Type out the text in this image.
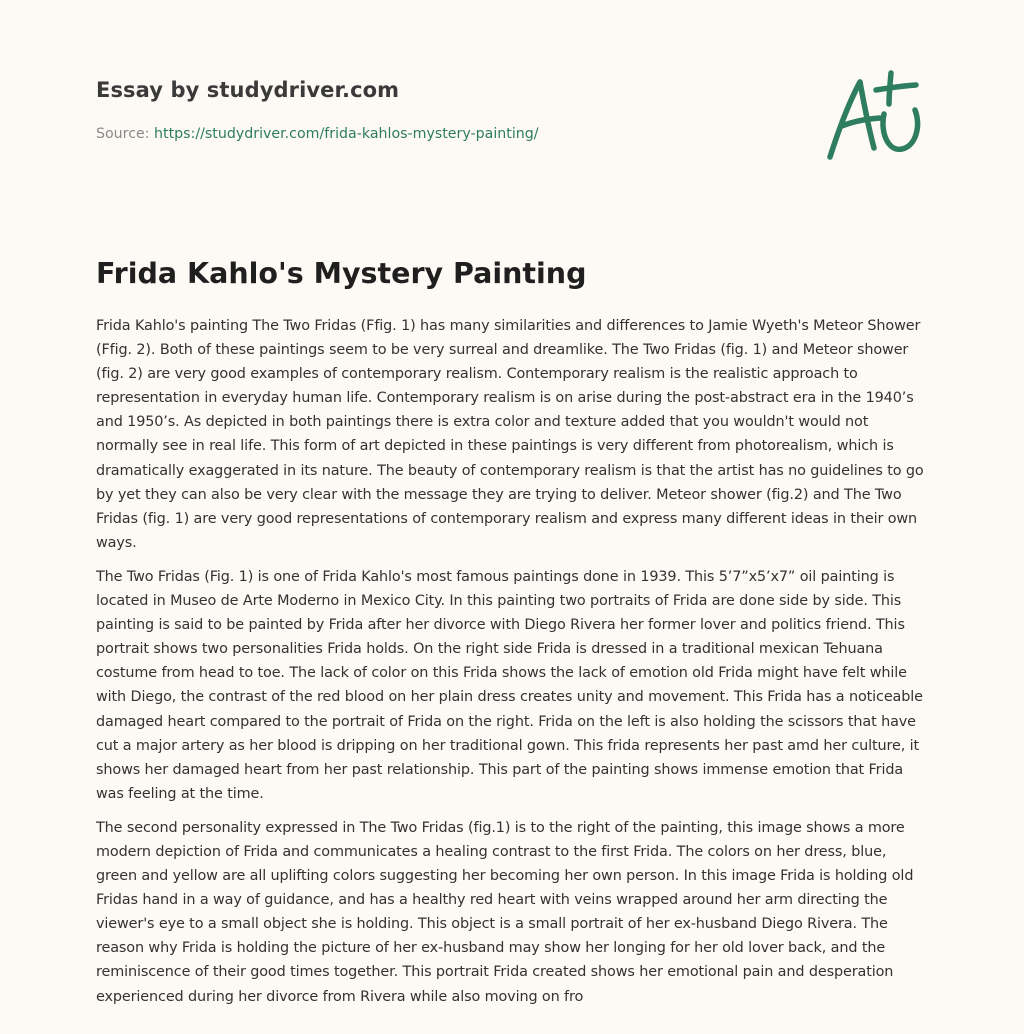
Essay by studydriver.com
Source: https://studydriver.com/frida-kahlos-mystery-painting/
Frida Kahlo's Mystery Painting

Frida Kahlo's painting The Two Fridas (Ffig. 1) has many similarities and differences to Jamie Wyeth's Meteor Shower (Ffig. 2). Both of these paintings seem to be very surreal and dreamlike. The Two Fridas (fig. 1) and Meteor shower (fig. 2) are very good examples of contemporary realism. Contemporary realism is the realistic approach to representation in everyday human life. Contemporary realism is on arise during the post-abstract era in the 1940’s and 1950’s. As depicted in both paintings there is extra color and texture added that you wouldn't would not normally see in real life. This form of art depicted in these paintings is very different from photorealism, which is dramatically exaggerated in its nature. The beauty of contemporary realism is that the artist has no guidelines to go by yet they can also be very clear with the message they are trying to deliver. Meteor shower (fig.2) and The Two Fridas (fig. 1) are very good representations of contemporary realism and express many different ideas in their own ways.

The Two Fridas (Fig. 1) is one of Frida Kahlo's most famous paintings done in 1939. This 5’7”x5’x7” oil painting is located in Museo de Arte Moderno in Mexico City. In this painting two portraits of Frida are done side by side. This painting is said to be painted by Frida after her divorce with Diego Rivera her former lover and politics friend. This portrait shows two personalities Frida holds. On the right side Frida is dressed in a traditional mexican Tehuana costume from head to toe. The lack of color on this Frida shows the lack of emotion old Frida might have felt while with Diego, the contrast of the red blood on her plain dress creates unity and movement. This Frida has a noticeable damaged heart compared to the portrait of Frida on the right. Frida on the left is also holding the scissors that have cut a major artery as her blood is dripping on her traditional gown. This frida represents her past amd her culture, it shows her damaged heart from her past relationship. This part of the painting shows immense emotion that Frida was feeling at the time.

The second personality expressed in The Two Fridas (fig.1) is to the right of the painting, this image shows a more modern depiction of Frida and communicates a healing contrast to the first Frida. The colors on her dress, blue, green and yellow are all uplifting colors suggesting her becoming her own person. In this image Frida is holding old Fridas hand in a way of guidance, and has a healthy red heart with veins wrapped around her arm directing the viewer's eye to a small object she is holding. This object is a small portrait of her ex-husband Diego Rivera. The reason why Frida is holding the picture of her ex-husband may show her longing for her old lover back, and the reminiscence of their good times together. This portrait Frida created shows her emotional pain and desperation experienced during her divorce from Rivera while also moving on fro
